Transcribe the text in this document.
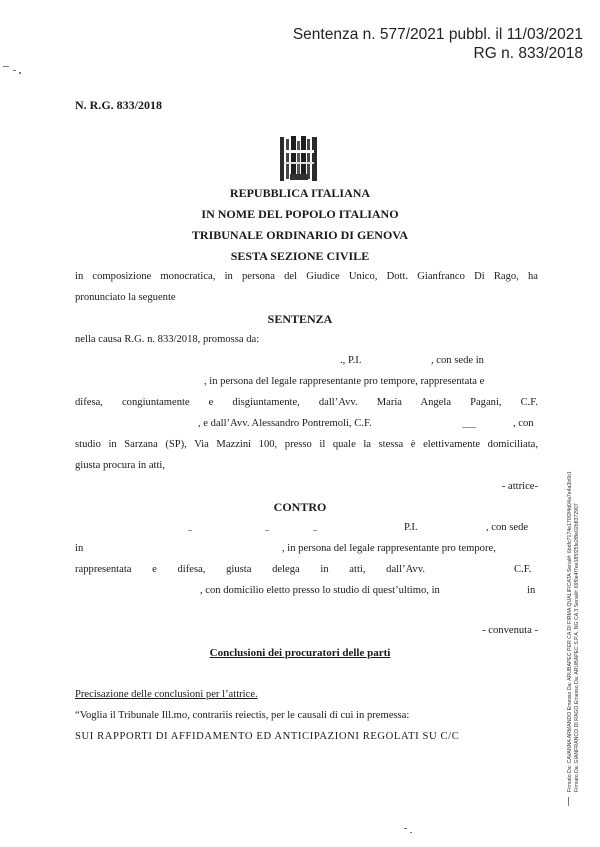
Sentenza n. 577/2021 pubbl. il 11/03/2021
RG n. 833/2018
N. R.G. 833/2018
REPUBBLICA ITALIANA
IN NOME DEL POPOLO ITALIANO
TRIBUNALE ORDINARIO DI GENOVA
SESTA SEZIONE CIVILE
in composizione monocratica, in persona del Giudice Unico, Dott. Gianfranco Di Rago, ha
pronunciato la seguente
SENTENZA
nella causa R.G. n. 833/2018, promossa da:
., P.I.	, con sede in
, in persona del legale rappresentante pro tempore, rappresentata e
difesa, congiuntamente e disgiuntamente, dall’Avv. Maria Angela Pagani, C.F.
, e dall’Avv. Alessandro Pontremoli, C.F.	, con
studio in Sarzana (SP), Via Mazzini 100, presso il quale la stessa è elettivamente domiciliata,
giusta procura in atti,
- attrice-
CONTRO
P.I.	, con sede
in	, in persona del legale rappresentante pro tempore,
rappresentata e difesa, giusta delega in atti, dall’Avv.	C.F.
, con domicilio eletto presso lo studio di quest’ultimo, in	in
- convenuta -
Conclusioni dei procuratori delle parti
Precisazione delle conclusioni per l’attrice.
“Voglia il Tribunale Ill.mo, contrariis reiectis, per le causali di cui in premessa:
SUI RAPPORTI DI AFFIDAMENTO ED ANTICIPAZIONI REGOLATI SU C/C	Firmato Da: CAVANNA ARMANDO Emesso Da: ARUBAPEC PER CA DI FIRMA QUALIFICATA Serial#: 6bdfc7174e170f2f4d04a7e4a3b6b1 Firmato Da: GIANFRANCO DI RAGO Emesso Da: ARUBAPEC S.P.A. NG CA 3 Serial#: 69f0e4f7ee185f25fe2f8e02b8372907
